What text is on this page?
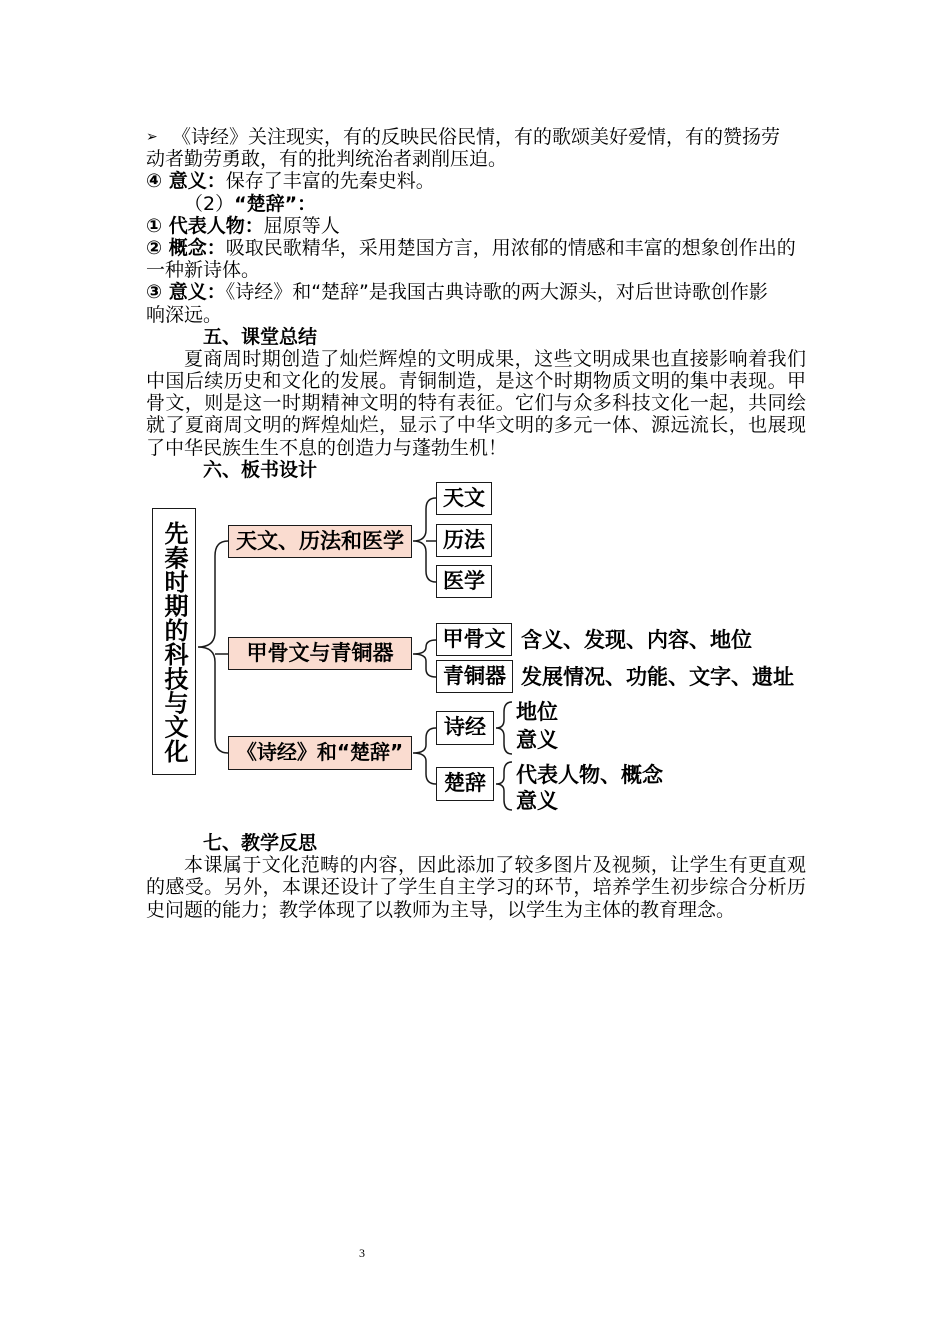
➢ 《诗经》关注现实，有的反映民俗民情，有的歌颂美好爱情，有的赞扬劳
动者勤劳勇敢，有的批判统治者剥削压迫。
④ 意义：保存了丰富的先秦史料。
（2）“楚辞”：
① 代表人物：屈原等人
② 概念：吸取民歌精华，采用楚国方言，用浓郁的情感和丰富的想象创作出的
一种新诗体。
③ 意义：《诗经》和“楚辞”是我国古典诗歌的两大源头，对后世诗歌创作影
响深远。
五、课堂总结
夏商周时期创造了灿烂辉煌的文明成果，这些文明成果也直接影响着我们
中国后续历史和文化的发展。青铜制造，是这个时期物质文明的集中表现。甲
骨文，则是这一时期精神文明的特有表征。它们与众多科技文化一起，共同绘
就了夏商周文明的辉煌灿烂，显示了中华文明的多元一体、源远流长，也展现
了中华民族生生不息的创造力与蓬勃生机！
六、板书设计
先秦时期的科技与文化	天文、历法和医学
甲骨文与青铜器
《诗经》和“楚辞”
天文
历法
医学
甲骨文
青铜器
含义、发现、内容、地位
发展情况、功能、文字、遗址
诗经
楚辞
地位
意义
代表人物、概念
意义
七、教学反思
本课属于文化范畴的内容，因此添加了较多图片及视频，让学生有更直观
的感受。另外，本课还设计了学生自主学习的环节，培养学生初步综合分析历
史问题的能力；教学体现了以教师为主导，以学生为主体的教育理念。
3
